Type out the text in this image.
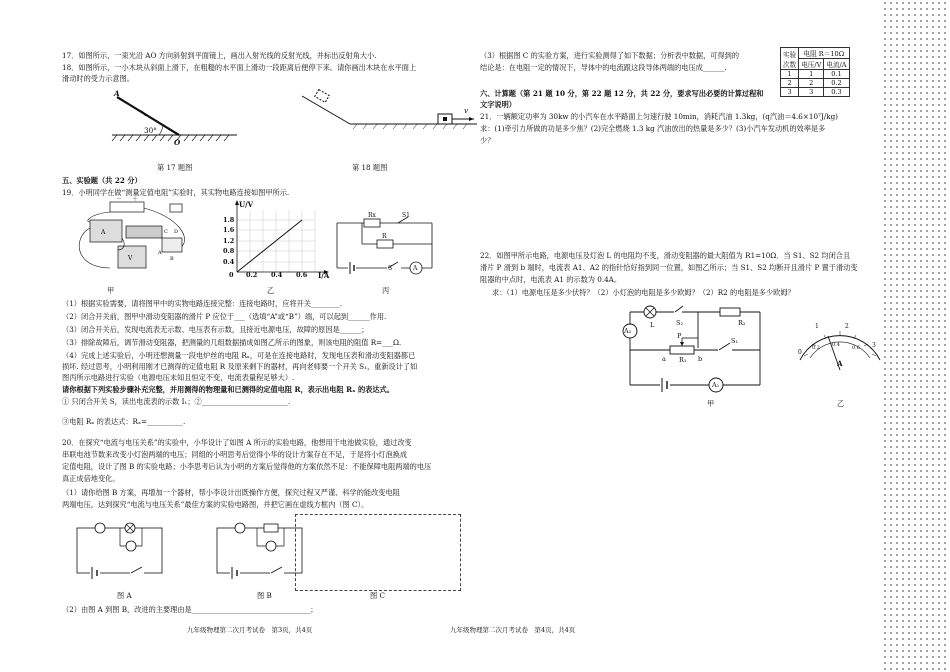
17．如图所示，一束光沿 AO 方向斜射到平面镜上，画出入射光线的反射光线，并标出反射角大小.
18．如图所示，一小木块从斜面上滑下，在粗糙的水平面上滑动一段距离后便停下来。请你画出木块在水平面上
滑动时的受力示意图。
A
30°
O
v
第 17 题图	第 18 题图
五、实验题（共 22 分）
19．小明同学在做“测量定值电阻”实验时，其实物电路连接如图甲所示.
－ ＋
A	C D
V
A
B
U/V
I/A
1.8
1.6
1.2
0.8
0.4
0 0.2 0.4 0.6
Rx	S1
R
S	A
甲	乙	丙
（1）根据实验需要，请将图甲中的实物电路连接完整：连接电路时，应将开关________.
（2）闭合开关前，图甲中滑动变阻器的滑片 P 应位于___（选填“A”或“B”）端，可以起到______作用.
（3）闭合开关后，发现电流表无示数、电压表有示数，且接近电源电压，故障的原因是______；
（3）排除故障后，调节滑动变阻器，把测量的几组数据描成如图乙所示的图象，则该电阻的阻值 R=___Ω.
（4）完成上述实验后，小明还想测量一段电炉丝的电阻 Rₓ，可是在连接电路时，发现电压表和滑动变阻器都已
损坏. 经过思考，小明利用刚才已测得的定值电阻 R 及原来剩下的器材，再向老师要一个开关 S₁，重新设计了如
图丙所示电路进行实验（电源电压未知且恒定不变，电流表量程足够大）.
请你根据下列实验步骤补充完整，并用测得的物理量和已测得的定值电阻 R，表示出电阻 Rₓ 的表达式。
① 只闭合开关 S，读出电流表的示数 I₁；②________________________.
③电阻 Rₓ 的表达式：Rₓ=__________.
20．在探究“电流与电压关系”的实验中，小华设计了如图 A 所示的实验电路，他想用干电池做实验，通过改变
串联电池节数来改变小灯泡两端的电压；同组的小明思考后觉得小华的设计方案存在不足，于是将小灯泡换成
定值电阻，设计了图 B 的实验电路；小李思考后认为小明的方案后觉得他的方案依然不足：不能保障电阻两端的电压
真正成倍地变化。
（1）请你给图 B 方案，再增加一个器材，帮小李设计出既操作方便，探究过程又严谨、科学的能改变电阻
两端电压，达到探究“电流与电压关系”最佳方案的实验电路图，并把它画在虚线方框内（图 C）。
图 A	图 B	图 C
（2）由图 A 到图 B，改进的主要理由是_________________________________；
九年级物理第二次月考试卷　第3页，共4页
（3）根据图 C 的实验方案，进行实验测得了如下数据；分析表中数据，可得到的
结论是：在电阻一定的情况下，导体中的电流跟这段导体两端的电压成______.
实验
次数	电阻 R＝10Ω	
	电压/V	电流/A
1	1	0.1
2	2	0.2
3	3	0.3
六、计算题（第 21 题 10 分，第 22 题 12 分，共 22 分，要求写出必要的计算过程和
文字说明）
21．一辆额定功率为 30kw 的小汽车在水平路面上匀速行驶 10min，消耗汽油 1.3kg，(q汽油＝4.6×10⁷J/kg)
求：(1)牵引力所做的功是多少焦？(2)完全燃烧 1.3 kg 汽油放出的热量是多少？(3)小汽车发动机的效率是多
少？
22．如图甲所示电路，电源电压及灯泡 L 的电阻均不变，滑动变阻器的最大阻值为 R1=10Ω．当 S1、S2 均闭合且
滑片 P 滑到 b 端时，电流表 A1、A2 的指针恰好指到同一位置，如图乙所示；当 S1、S2 均断开且滑片 P 置于滑动变
阻器的中点时，电流表 A1 的示数为 0.4A。
求：（1）电源电压是多少伏特？（2）小灯泡的电阻是多少欧姆？（2）R2 的电阻是多少欧姆？
A₂
L	S₂	R₂
P
a R₁ b
S₁
A₁
甲
0
1	2
3
0.2 0.4 0.6
A
乙
九年级物理第二次月考试卷　第4页，共4页
